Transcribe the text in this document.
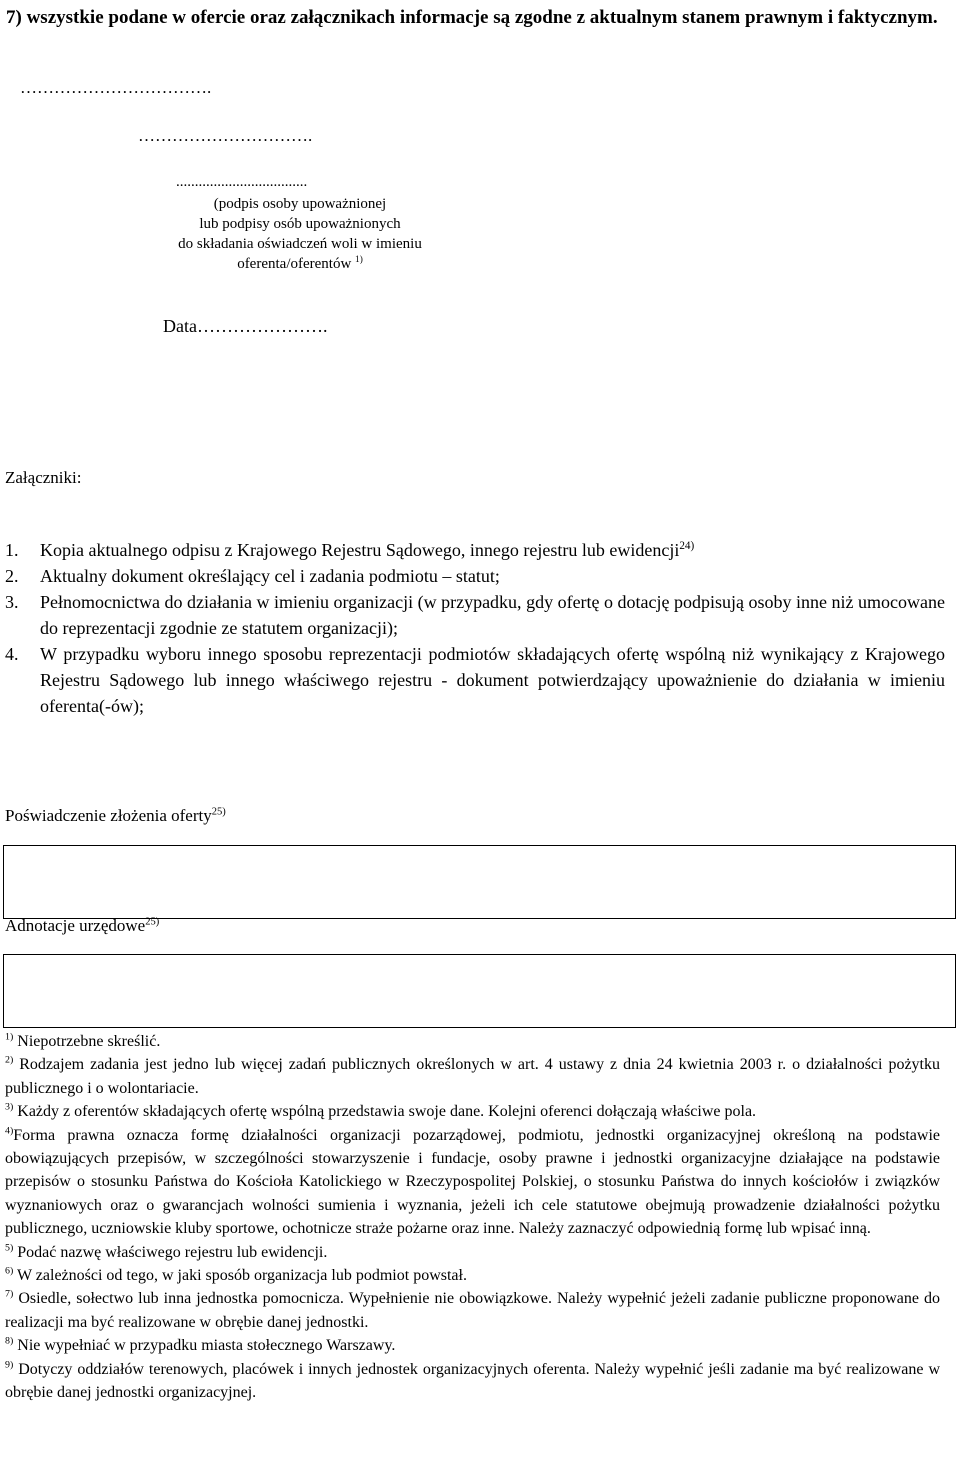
7) wszystkie podane w ofercie oraz załącznikach informacje są zgodne z aktualnym stanem prawnym i faktycznym.
…………………………….
………………………….
...................................
(podpis osoby upoważnionej
lub podpisy osób upoważnionych
do składania oświadczeń woli w imieniu
oferenta/oferentów $^{1)}$
Data………………….
Załączniki:
1. Kopia aktualnego odpisu z Krajowego Rejestru Sądowego, innego rejestru lub ewidencji$^{24)}$
2. Aktualny dokument określający cel i zadania podmiotu – statut;
3. Pełnomocnictwa do działania w imieniu organizacji (w przypadku, gdy ofertę o dotację podpisują osoby inne niż umocowane do reprezentacji zgodnie ze statutem organizacji);
4. W przypadku wyboru innego sposobu reprezentacji podmiotów składających ofertę wspólną niż wynikający z Krajowego Rejestru Sądowego lub innego właściwego rejestru - dokument potwierdzający upoważnienie do działania w imieniu oferenta(-ów);
Poświadczenie złożenia oferty$^{25)}$
Adnotacje urzędowe$^{25)}$

$^{1)}$ Niepotrzebne skreślić.

$^{2)}$ Rodzajem zadania jest jedno lub więcej zadań publicznych określonych w art. 4 ustawy z dnia 24 kwietnia 2003 r. o działalności pożytku publicznego i o wolontariacie.

$^{3)}$ Każdy z oferentów składających ofertę wspólną przedstawia swoje dane. Kolejni oferenci dołączają właściwe pola.

$^{4)}$Forma prawna oznacza formę działalności organizacji pozarządowej, podmiotu, jednostki organizacyjnej określoną na podstawie obowiązujących przepisów, w szczególności stowarzyszenie i fundacje, osoby prawne i jednostki organizacyjne działające na podstawie przepisów o stosunku Państwa do Kościoła Katolickiego w Rzeczypospolitej Polskiej, o stosunku Państwa do innych kościołów i związków wyznaniowych oraz o gwarancjach wolności sumienia i wyznania, jeżeli ich cele statutowe obejmują prowadzenie działalności pożytku publicznego, uczniowskie kluby sportowe, ochotnicze straże pożarne oraz inne. Należy zaznaczyć odpowiednią formę lub wpisać inną.

$^{5)}$ Podać nazwę właściwego rejestru lub ewidencji.

$^{6)}$ W zależności od tego, w jaki sposób organizacja lub podmiot powstał.

$^{7)}$ Osiedle, sołectwo lub inna jednostka pomocnicza. Wypełnienie nie obowiązkowe. Należy wypełnić jeżeli zadanie publiczne proponowane do realizacji ma być realizowane w obrębie danej jednostki.

$^{8)}$ Nie wypełniać w przypadku miasta stołecznego Warszawy.

$^{9)}$ Dotyczy oddziałów terenowych, placówek i innych jednostek organizacyjnych oferenta. Należy wypełnić jeśli zadanie ma być realizowane w obrębie danej jednostki organizacyjnej.
